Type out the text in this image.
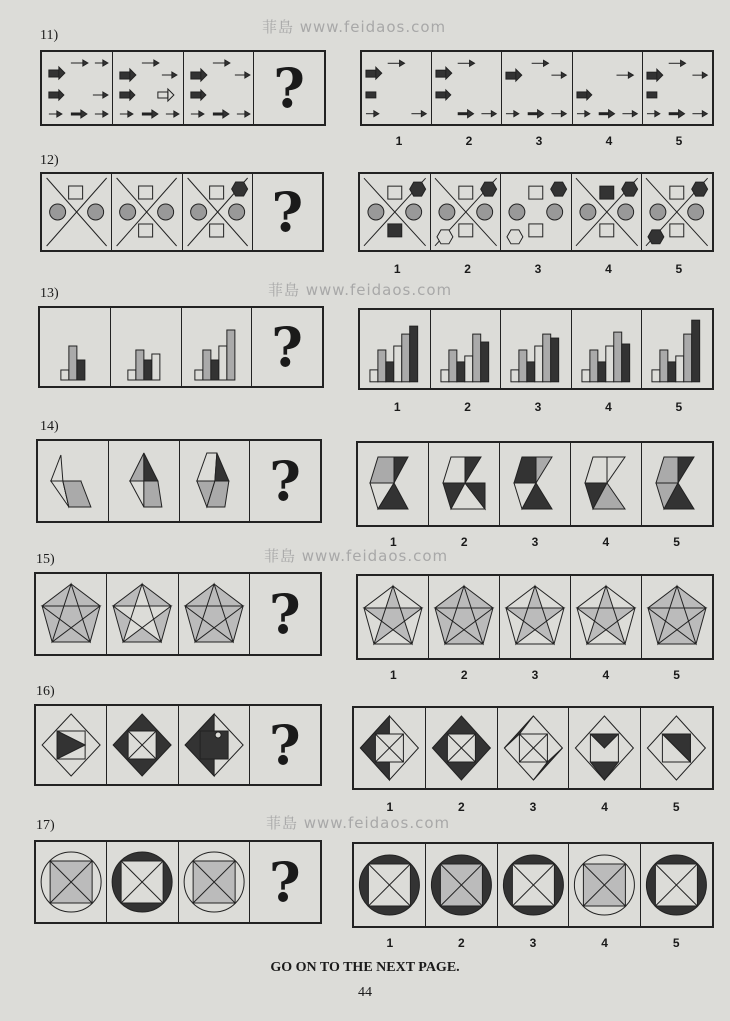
菲島 www.feidaos.com
菲島 www.feidaos.com
菲島 www.feidaos.com
菲島 www.feidaos.com
11)
?
1	2	3	4	5
12)
?
1	2	3	4	5
13)
?
1	2	3	4	5
14)
?
1	2	3	4	5
15)
?
1	2	3	4	5
16)
?
1	2	3	4	5
17)
?
1	2	3	4	5
GO ON TO THE NEXT PAGE.
44
